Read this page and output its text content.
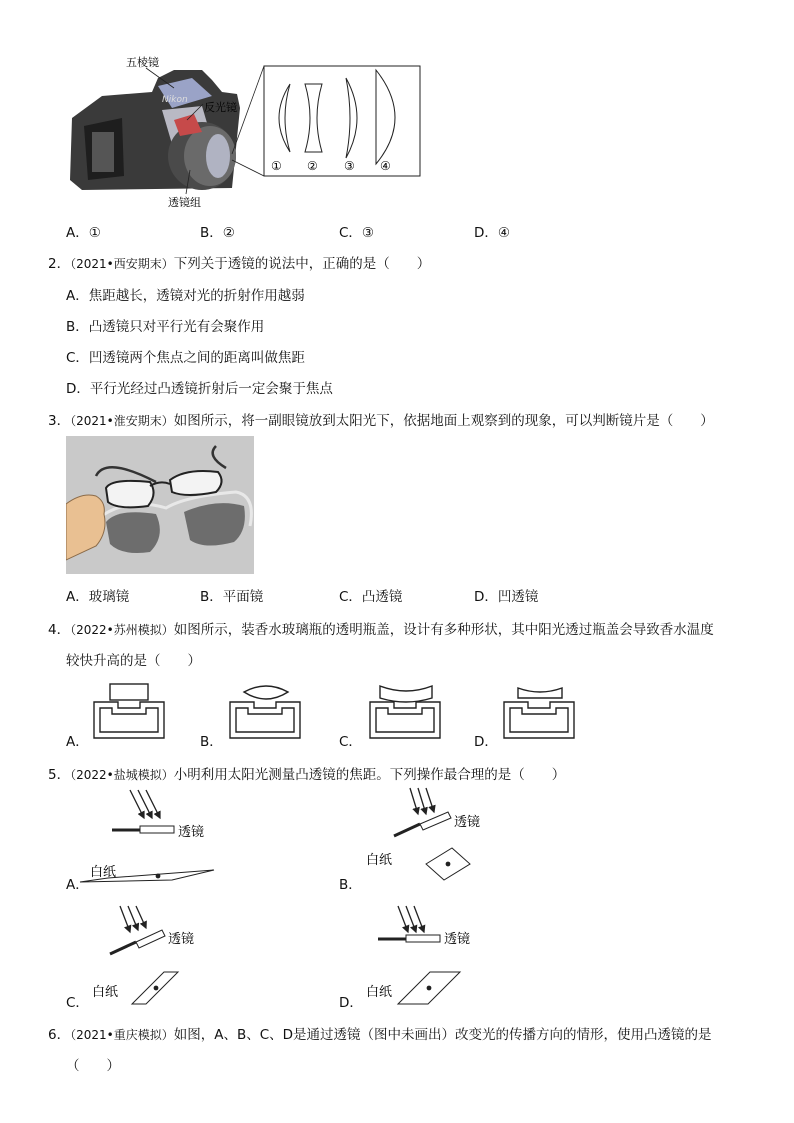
五棱镜
反光镜
透镜组
Nikon
① ② ③ ④
A．①	B．②	C．③	D．④
2．（2021•西安期末）下列关于透镜的说法中，正确的是（　　）
A．焦距越长，透镜对光的折射作用越弱
B．凸透镜只对平行光有会聚作用
C．凹透镜两个焦点之间的距离叫做焦距
D．平行光经过凸透镜折射后一定会聚于焦点
3．（2021•淮安期末）如图所示，将一副眼镜放到太阳光下，依据地面上观察到的现象，可以判断镜片是（　　）
A．玻璃镜	B．平面镜	C．凸透镜	D．凹透镜
4．（2022•苏州模拟）如图所示，装香水玻璃瓶的透明瓶盖，设计有多种形状，其中阳光透过瓶盖会导致香水温度
较快升高的是（　　）
A．	B．	C．	D．
5．（2022•盐城模拟）小明利用太阳光测量凸透镜的焦距。下列操作最合理的是（　　）
透镜
透镜
透镜	透镜
白纸
白纸
白纸	白纸
A．	B．
C．	D．
6．（2021•重庆模拟）如图，A、B、C、D是通过透镜（图中未画出）改变光的传播方向的情形，使用凸透镜的是
（　　）
